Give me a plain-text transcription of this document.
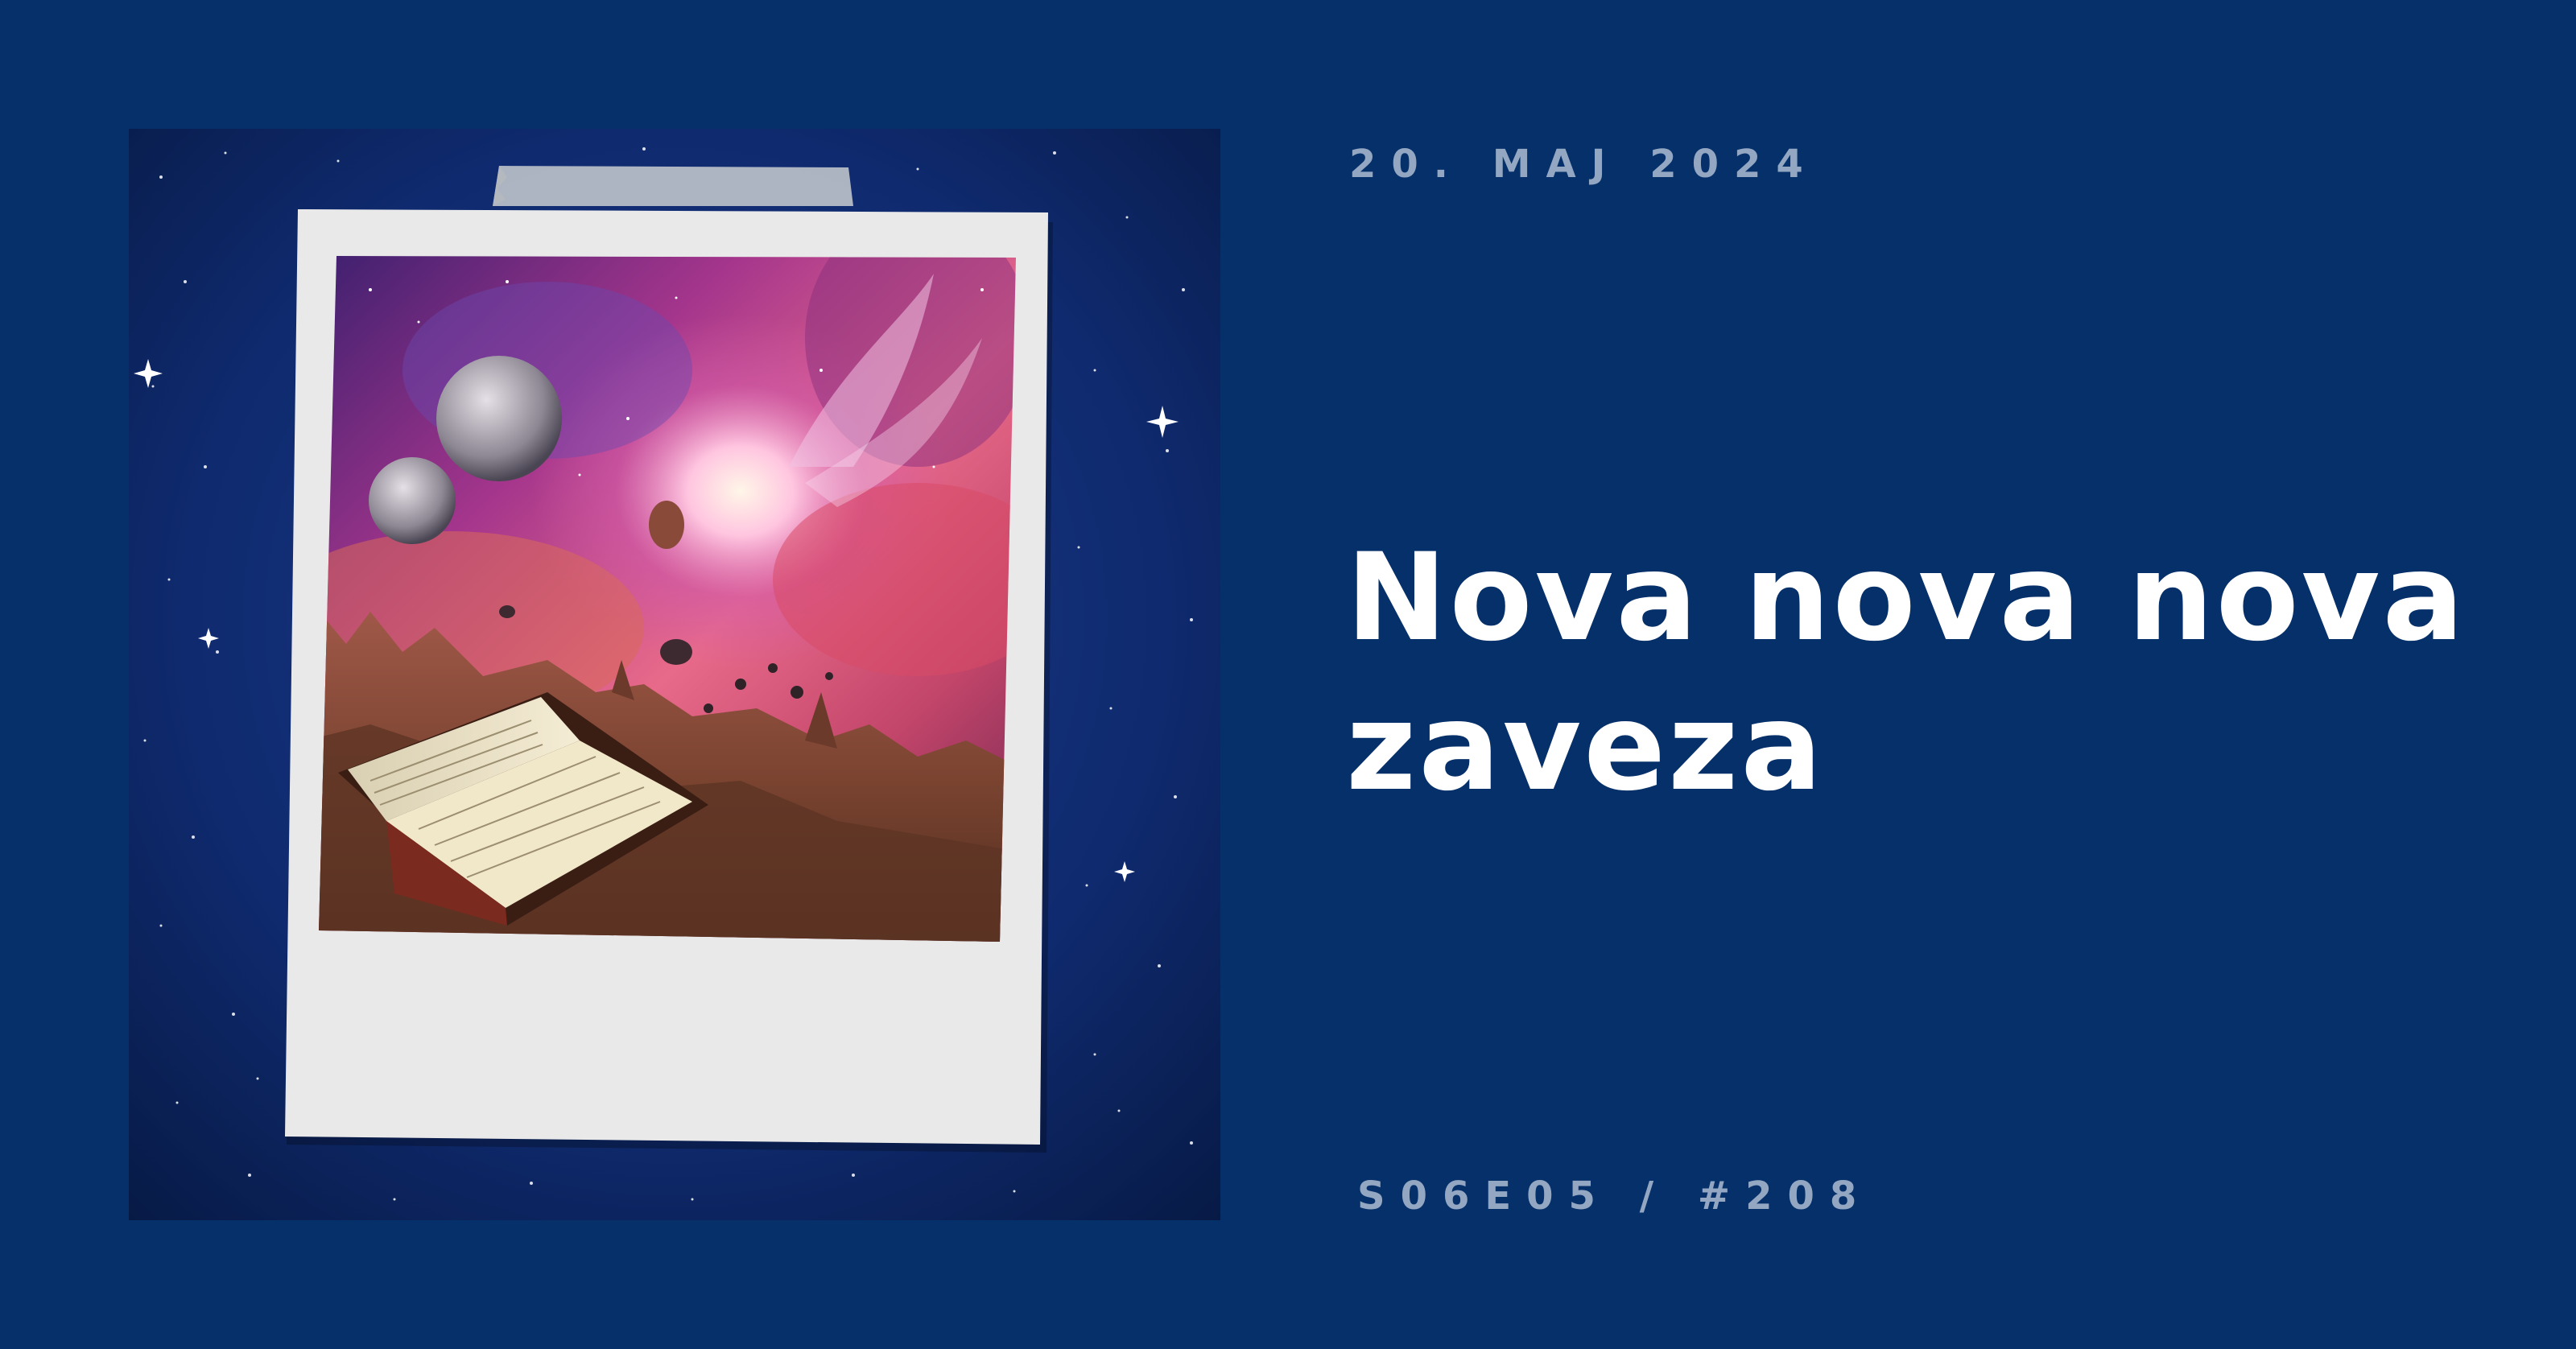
20. MAJ 2024
Nova nova nova
zaveza
S06E05 / #208
